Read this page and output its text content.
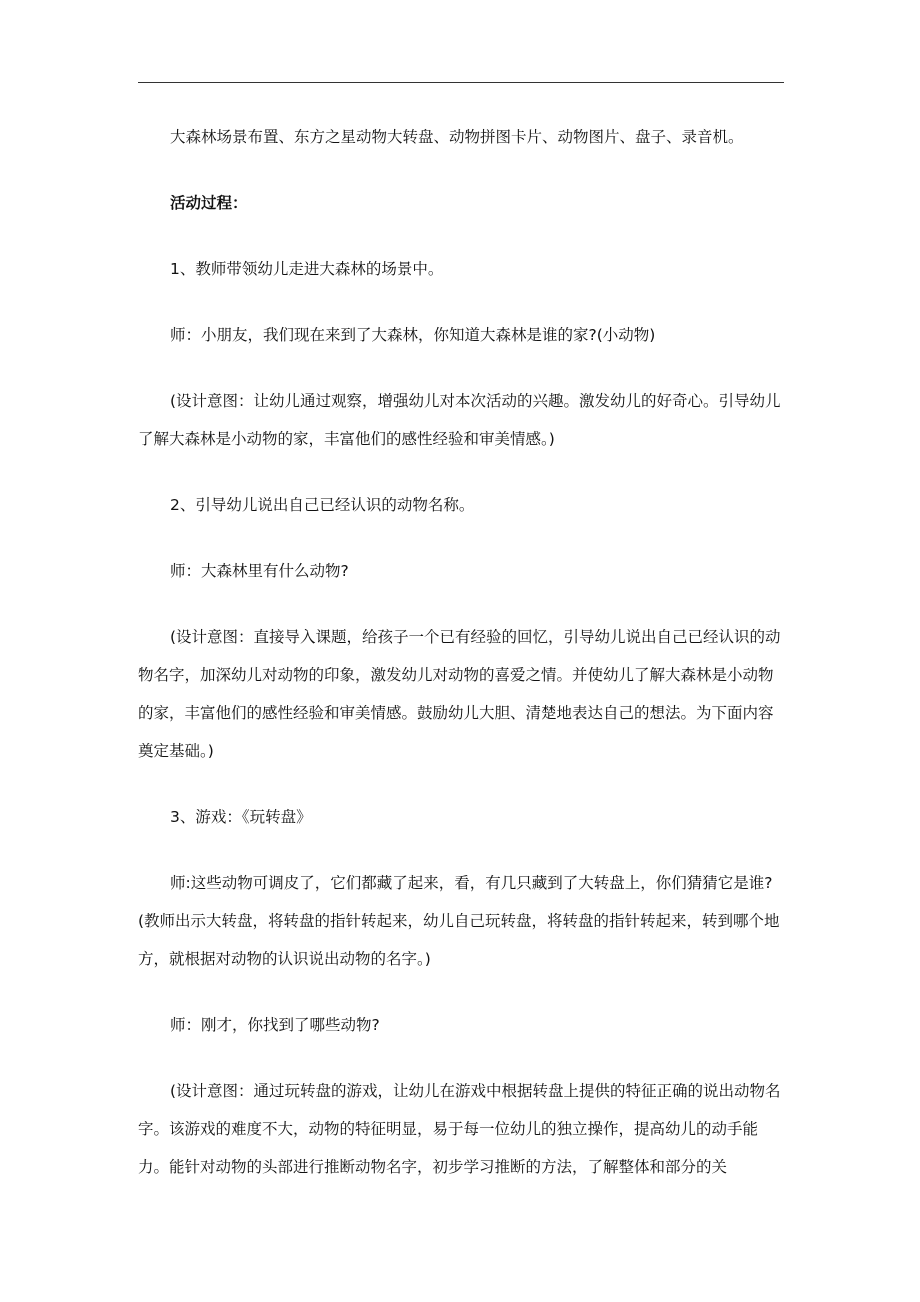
大森林场景布置、东方之星动物大转盘、动物拼图卡片、动物图片、盘子、录音机。

活动过程：

1、教师带领幼儿走进大森林的场景中。

师：小朋友，我们现在来到了大森林，你知道大森林是谁的家?(小动物)

(设计意图：让幼儿通过观察，增强幼儿对本次活动的兴趣。激发幼儿的好奇心。引导幼儿了解大森林是小动物的家，丰富他们的感性经验和审美情感。)

2、引导幼儿说出自己已经认识的动物名称。

师：大森林里有什么动物?

(设计意图：直接导入课题，给孩子一个已有经验的回忆，引导幼儿说出自己已经认识的动物名字，加深幼儿对动物的印象，激发幼儿对动物的喜爱之情。并使幼儿了解大森林是小动物的家，丰富他们的感性经验和审美情感。鼓励幼儿大胆、清楚地表达自己的想法。为下面内容奠定基础。)

3、游戏：《玩转盘》

师:这些动物可调皮了，它们都藏了起来，看，有几只藏到了大转盘上，你们猜猜它是谁?(教师出示大转盘，将转盘的指针转起来，幼儿自己玩转盘，将转盘的指针转起来，转到哪个地方，就根据对动物的认识说出动物的名字。)

师：刚才，你找到了哪些动物?

(设计意图：通过玩转盘的游戏，让幼儿在游戏中根据转盘上提供的特征正确的说出动物名字。该游戏的难度不大，动物的特征明显，易于每一位幼儿的独立操作，提高幼儿的动手能力。能针对动物的头部进行推断动物名字，初步学习推断的方法，了解整体和部分的关
